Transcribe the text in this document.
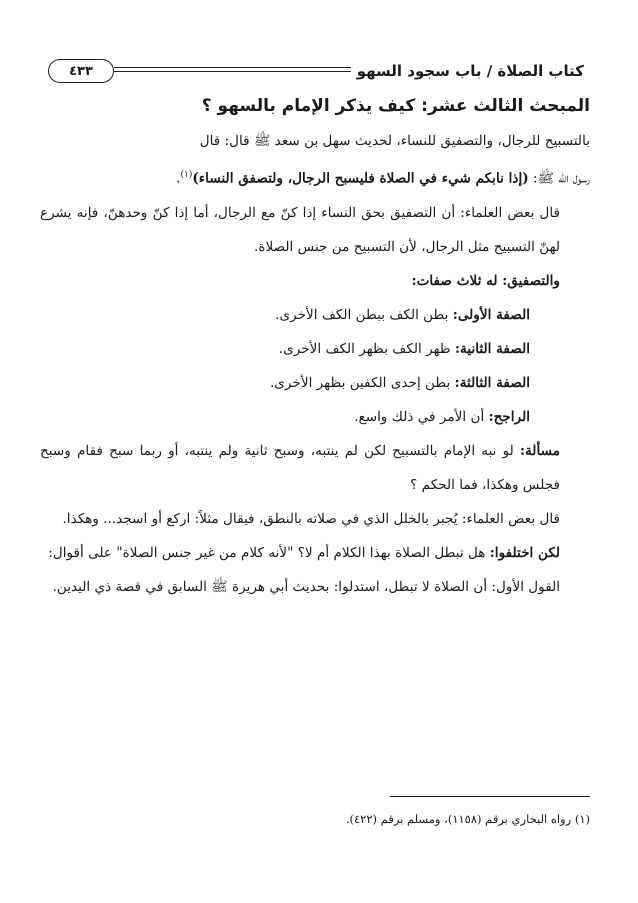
كتاب الصلاة / باب سجود السهو
٤٣٣
المبحث الثالث عشر: كيف يذكر الإمام بالسهو ؟

بالتسبيح للرجال، والتصفيق للنساء، لحديث سهل بن سعد ﷺ قال: قال

رسول الله ﷺ: (إذا نابكم شيء في الصلاة فليسبح الرجال، ولتصفق النساء)$^{(١)}$.

قال بعض العلماء: أن التصفيق بحق النساء إذا كنّ مع الرجال، أما إذا كنّ وحدهنّ، فإنه يشرع لهنّ التسبيح مثل الرجال، لأن التسبيح من جنس الصلاة.

والتصفيق: له ثلاث صفات:

الصفة الأولى: بطن الكف ببطن الكف الأخرى.

الصفة الثانية: ظهر الكف بظهر الكف الأخرى.

الصفة الثالثة: بطن إحدى الكفين بظهر الأخرى.

الراجح: أن الأمر في ذلك واسع.

مسألة: لو نبه الإمام بالتسبيح لكن لم ينتبه، وسبح ثانية ولم ينتبه، أو ربما سبح فقام وسبح فجلس وهكذا، فما الحكم ؟

قال بعض العلماء: يُجبر بالخلل الذي في صلاته بالنطق، فيقال مثلاً: اركع أو اسجد... وهكذا.

لكن اختلفوا: هل تبطل الصلاة بهذا الكلام أم لا؟ "لأنه كلام من غير جنس الصلاة" على أقوال:

القول الأول: أن الصلاة لا تبطل، استدلوا: بحديث أبي هريرة ﷺ السابق في قصة ذي اليدين.

(١) رواه البخاري برقم (١١٥٨)، ومسلم برقم (٤٢٢).
